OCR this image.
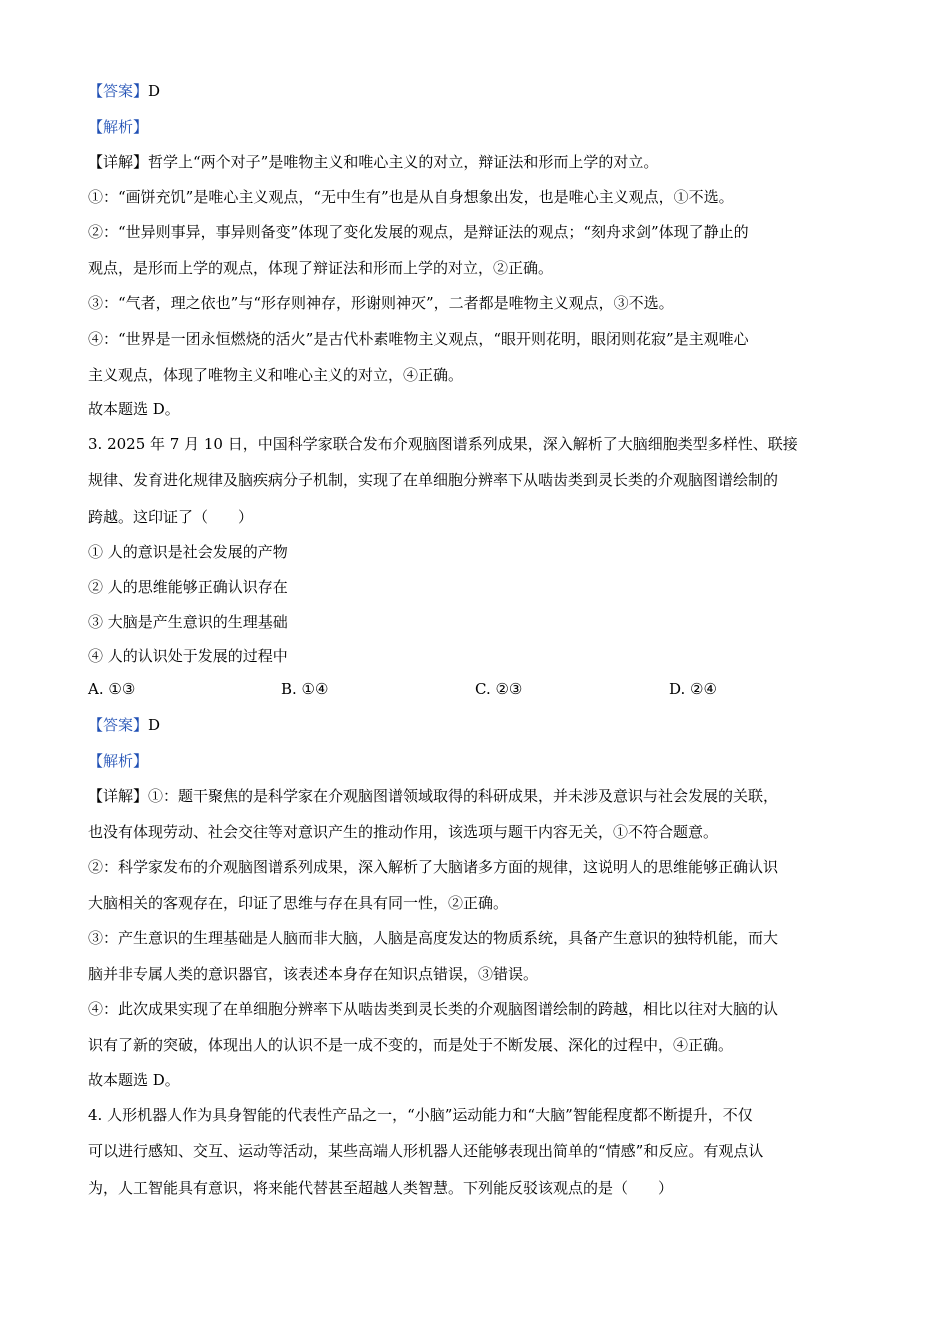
【答案】D
【解析】
【详解】哲学上“两个对子”是唯物主义和唯心主义的对立，辩证法和形而上学的对立。
①：“画饼充饥”是唯心主义观点，“无中生有”也是从自身想象出发，也是唯心主义观点，①不选。
②：“世异则事异，事异则备变”体现了变化发展的观点，是辩证法的观点；“刻舟求剑”体现了静止的
观点，是形而上学的观点，体现了辩证法和形而上学的对立，②正确。
③：“气者，理之依也”与“形存则神存，形谢则神灭”，二者都是唯物主义观点，③不选。
④：“世界是一团永恒燃烧的活火”是古代朴素唯物主义观点，“眼开则花明，眼闭则花寂”是主观唯心
主义观点，体现了唯物主义和唯心主义的对立，④正确。
故本题选 D。
3. 2025 年 7 月 10 日，中国科学家联合发布介观脑图谱系列成果，深入解析了大脑细胞类型多样性、联接
规律、发育进化规律及脑疾病分子机制，实现了在单细胞分辨率下从啮齿类到灵长类的介观脑图谱绘制的
跨越。这印证了（　　）
① 人的意识是社会发展的产物
② 人的思维能够正确认识存在
③ 大脑是产生意识的生理基础
④ 人的认识处于发展的过程中
A. ①③	B. ①④	C. ②③	D. ②④
【答案】D
【解析】
【详解】①：题干聚焦的是科学家在介观脑图谱领域取得的科研成果，并未涉及意识与社会发展的关联，
也没有体现劳动、社会交往等对意识产生的推动作用，该选项与题干内容无关，①不符合题意。
②：科学家发布的介观脑图谱系列成果，深入解析了大脑诸多方面的规律，这说明人的思维能够正确认识
大脑相关的客观存在，印证了思维与存在具有同一性，②正确。
③：产生意识的生理基础是人脑而非大脑，人脑是高度发达的物质系统，具备产生意识的独特机能，而大
脑并非专属人类的意识器官，该表述本身存在知识点错误，③错误。
④：此次成果实现了在单细胞分辨率下从啮齿类到灵长类的介观脑图谱绘制的跨越，相比以往对大脑的认
识有了新的突破，体现出人的认识不是一成不变的，而是处于不断发展、深化的过程中，④正确。
故本题选 D。
4. 人形机器人作为具身智能的代表性产品之一，“小脑”运动能力和“大脑”智能程度都不断提升，不仅
可以进行感知、交互、运动等活动，某些高端人形机器人还能够表现出简单的“情感”和反应。有观点认
为，人工智能具有意识，将来能代替甚至超越人类智慧。下列能反驳该观点的是（　　）
